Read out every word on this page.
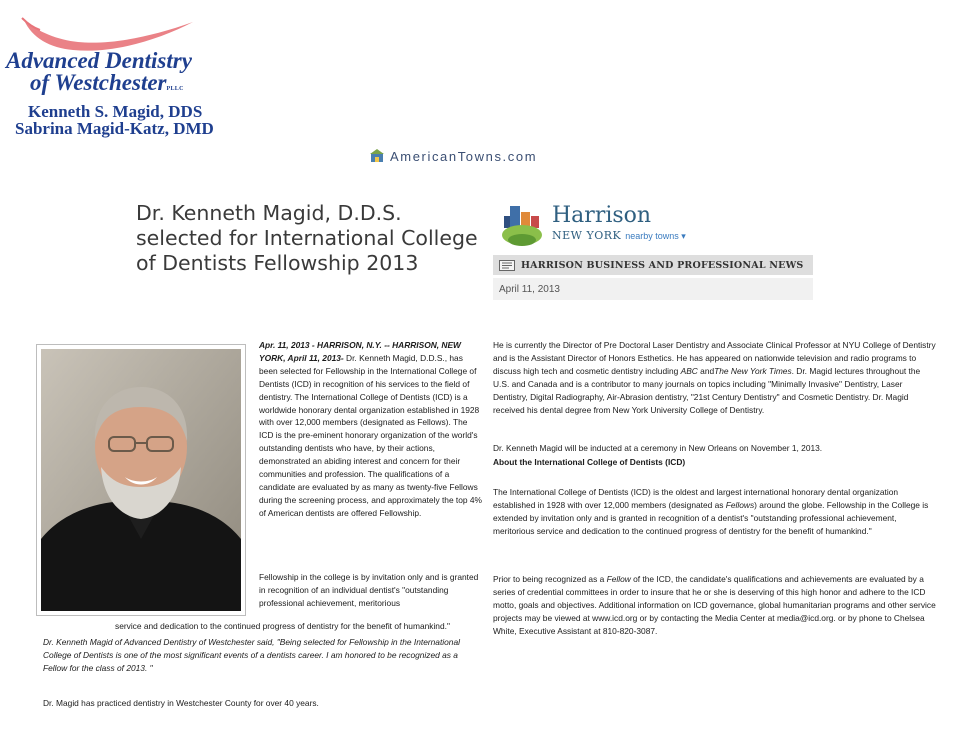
Advanced Dentistry
of WestchesterPLLC
Kenneth S. Magid, DDS
Sabrina Magid-Katz, DMD
AmericanTowns.com
Dr. Kenneth Magid, D.D.S. selected for International College of Dentists Fellowship 2013
Harrison
NEW YORK nearby towns ▾
HARRISON BUSINESS AND PROFESSIONAL NEWS
April 11, 2013
Apr. 11, 2013 - HARRISON, N.Y. -- HARRISON, NEW YORK, April 11, 2013- Dr. Kenneth Magid, D.D.S., has been selected for Fellowship in the International College of Dentists (ICD) in recognition of his services to the field of dentistry. The International College of Dentists (ICD) is a worldwide honorary dental organization established in 1928 with over 12,000 members (designated as Fellows). The ICD is the pre-eminent honorary organization of the world's outstanding dentists who have, by their actions, demonstrated an abiding interest and concern for their communities and profession. The qualifications of a candidate are evaluated by as many as twenty-five Fellows during the screening process, and approximately the top 4% of American dentists are offered Fellowship.
Fellowship in the college is by invitation only and is granted in recognition of an individual dentist's "outstanding professional achievement, meritorious
service and dedication to the continued progress of dentistry for the benefit of humankind."
Dr. Kenneth Magid of Advanced Dentistry of Westchester said, "Being selected for Fellowship in the International College of Dentists is one of the most significant events of a dentists career. I am honored to be recognized as a Fellow for the class of 2013. "
Dr. Magid has practiced dentistry in Westchester County for over 40 years.
He is currently the Director of Pre Doctoral Laser Dentistry and Associate Clinical Professor at NYU College of Dentistry and is the Assistant Director of Honors Esthetics. He has appeared on nationwide television and radio programs to discuss high tech and cosmetic dentistry including ABC andThe New York Times. Dr. Magid lectures throughout the U.S. and Canada and is a contributor to many journals on topics including "Minimally Invasive" Dentistry, Laser Dentistry, Digital Radiography, Air-Abrasion dentistry, "21st Century Dentistry" and Cosmetic Dentistry. Dr. Magid received his dental degree from New York University College of Dentistry.
Dr. Kenneth Magid will be inducted at a ceremony in New Orleans on November 1, 2013.
About the International College of Dentists (ICD)
The International College of Dentists (ICD) is the oldest and largest international honorary dental organization established in 1928 with over 12,000 members (designated as Fellows) around the globe. Fellowship in the College is extended by invitation only and is granted in recognition of a dentist's "outstanding professional achievement, meritorious service and dedication to the continued progress of dentistry for the benefit of humankind."
Prior to being recognized as a Fellow of the ICD, the candidate's qualifications and achievements are evaluated by a series of credential committees in order to insure that he or she is deserving of this high honor and adhere to the ICD motto, goals and objectives. Additional information on ICD governance, global humanitarian programs and other service projects may be viewed at www.icd.org or by contacting the Media Center at media@icd.org. or by phone to Chelsea White, Executive Assistant at 810-820-3087.
